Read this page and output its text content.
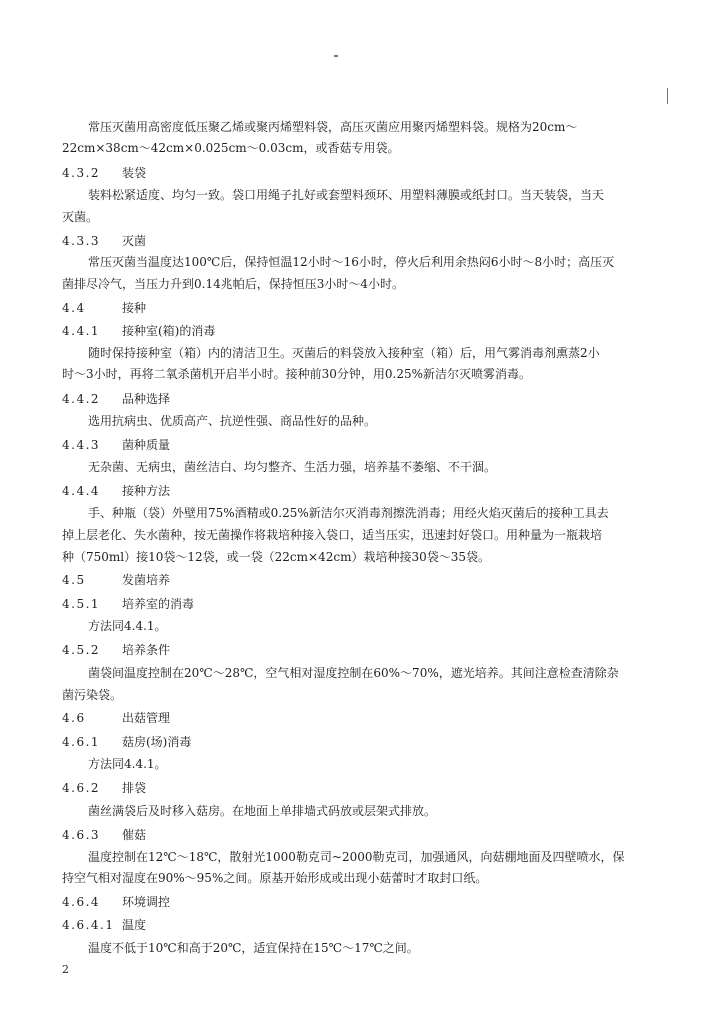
常压灭菌用高密度低压聚乙烯或聚丙烯塑料袋，高压灭菌应用聚丙烯塑料袋。规格为20cm～
22cm×38cm～42cm×0.025cm～0.03cm，或香菇专用袋。
4.3.2 装袋
装料松紧适度、均匀一致。袋口用绳子扎好或套塑料颈环、用塑料薄膜或纸封口。当天装袋，当天
灭菌。
4.3.3 灭菌
常压灭菌当温度达100℃后，保持恒温12小时～16小时，停火后利用余热闷6小时～8小时；高压灭
菌排尽冷气，当压力升到0.14兆帕后，保持恒压3小时～4小时。
4.4	接种
4.4.1 接种室(箱)的消毒
随时保持接种室（箱）内的清洁卫生。灭菌后的料袋放入接种室（箱）后，用气雾消毒剂熏蒸2小
时～3小时，再将二氧杀菌机开启半小时。接种前30分钟，用0.25%新洁尔灭喷雾消毒。
4.4.2 品种选择
选用抗病虫、优质高产、抗逆性强、商品性好的品种。
4.4.3 菌种质量
无杂菌、无病虫，菌丝洁白、均匀整齐、生活力强，培养基不萎缩、不干涸。
4.4.4 接种方法
手、种瓶（袋）外壁用75%酒精或0.25%新洁尔灭消毒剂擦洗消毒；用经火焰灭菌后的接种工具去
掉上层老化、失水菌种，按无菌操作将栽培种接入袋口，适当压实，迅速封好袋口。用种量为一瓶栽培
种（750ml）接10袋～12袋，或一袋（22cm×42cm）栽培种接30袋～35袋。
4.5	发菌培养
4.5.1 培养室的消毒
方法同4.4.1。
4.5.2 培养条件
菌袋间温度控制在20℃～28℃，空气相对湿度控制在60%～70%，遮光培养。其间注意检查清除杂
菌污染袋。
4.6	出菇管理
4.6.1 菇房(场)消毒
方法同4.4.1。
4.6.2 排袋
菌丝满袋后及时移入菇房。在地面上单排墙式码放或层架式排放。
4.6.3 催菇
温度控制在12℃～18℃，散射光1000勒克司~2000勒克司，加强通风，向菇棚地面及四壁喷水，保
持空气相对湿度在90%～95%之间。原基开始形成或出现小菇蕾时才取封口纸。
4.6.4 环境调控
4.6.4.1 温度
温度不低于10℃和高于20℃，适宜保持在15℃～17℃之间。
2
